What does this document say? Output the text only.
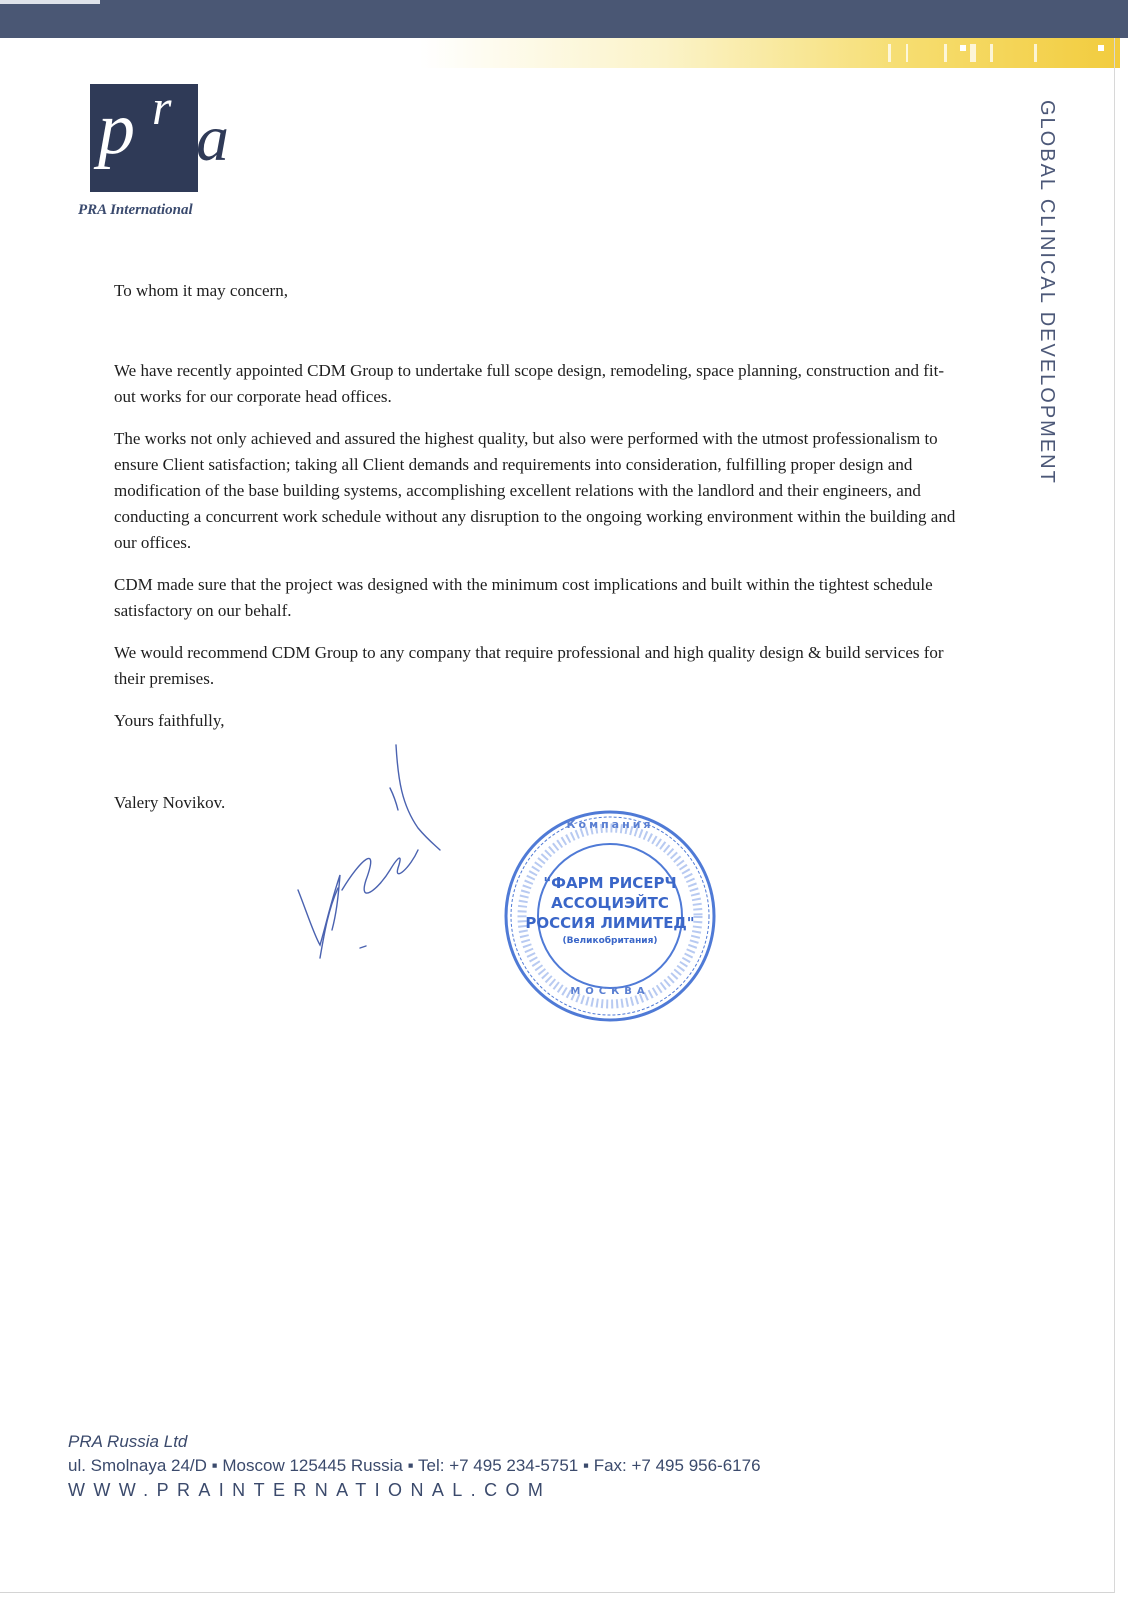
p r a
PRA International	GLOBAL CLINICAL DEVELOPMENT

To whom it may concern,

We have recently appointed CDM Group to undertake full scope design, remodeling, space planning, construction and fit-out works for our corporate head offices.

The works not only achieved and assured the highest quality, but also were performed with the utmost professionalism to ensure Client satisfaction; taking all Client demands and requirements into consideration, fulfilling proper design and modification of the base building systems, accomplishing excellent relations with the landlord and their engineers, and conducting a concurrent work schedule without any disruption to the ongoing working environment within the building and our offices.

CDM made sure that the project was designed with the minimum cost implications and built within the tightest schedule satisfactory on our behalf.

We would recommend CDM Group to any company that require professional and high quality design & build services for their premises.

Yours faithfully,

Valery Novikov.

Компания
"ФАРМ РИСЕРЧ
АССОЦИЭЙТС
РОССИЯ ЛИМИТЕД"
(Великобритания)
МОСКВА
PRA Russia Ltd
ul. Smolnaya 24/D ▪ Moscow 125445 Russia ▪ Tel: +7 495 234-5751 ▪ Fax: +7 495 956-6176
WWW.PRAINTERNATIONAL.COM
